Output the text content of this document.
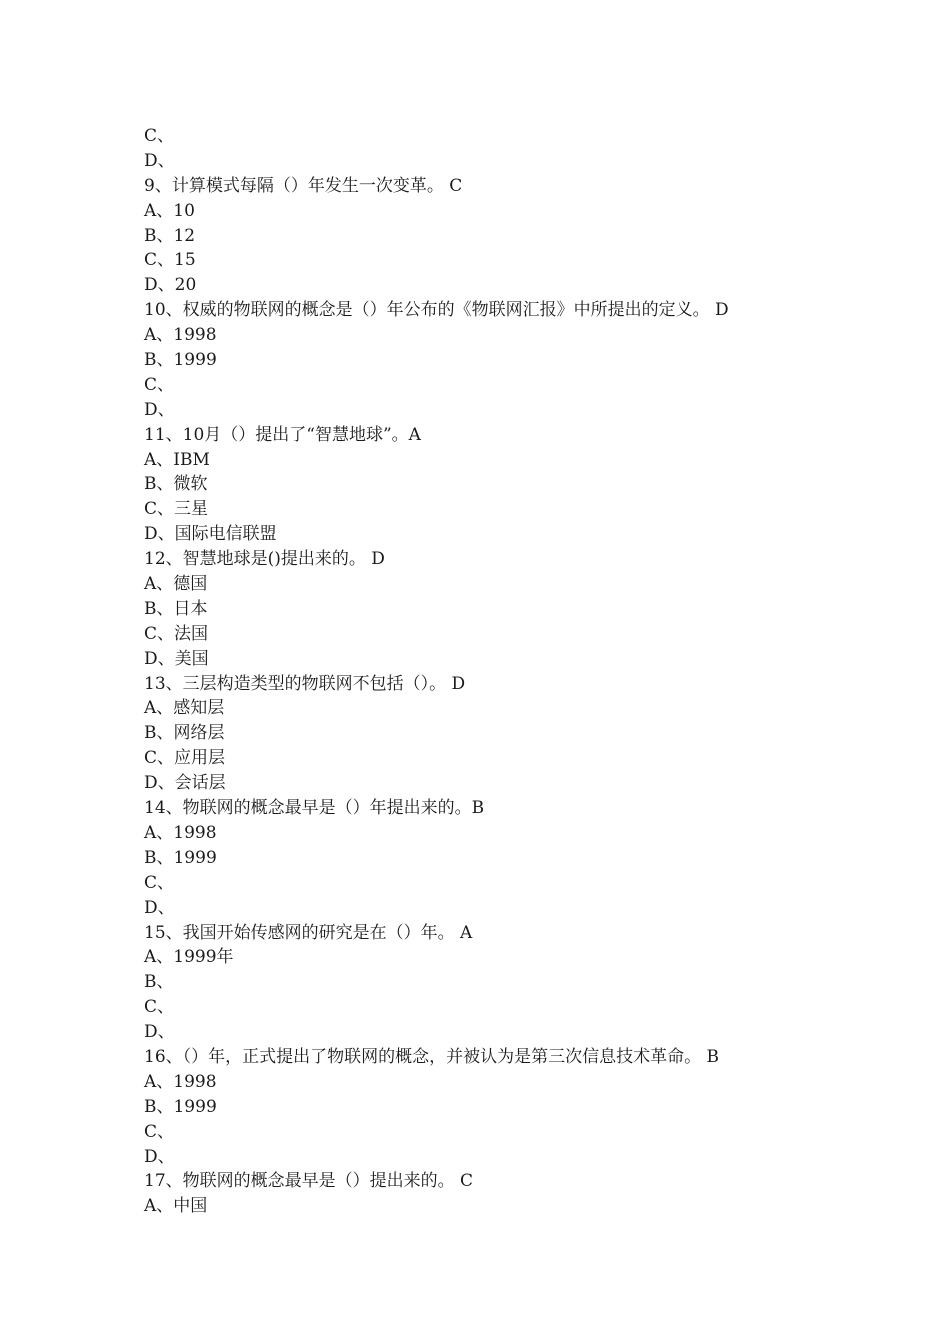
C、
D、
9、计算模式每隔（）年发生一次变革。 C
A、10
B、12
C、15
D、20
10、权威的物联网的概念是（）年公布的《物联网汇报》中所提出的定义。 D
A、1998
B、1999
C、
D、
11、10月（）提出了“智慧地球”。A
A、IBM
B、微软
C、三星
D、国际电信联盟
12、智慧地球是()提出来的。 D
A、德国
B、日本
C、法国
D、美国
13、三层构造类型的物联网不包括（）。 D
A、感知层
B、网络层
C、应用层
D、会话层
14、物联网的概念最早是（）年提出来的。B
A、1998
B、1999
C、
D、
15、我国开始传感网的研究是在（）年。 A
A、1999年
B、
C、
D、
16、（）年，正式提出了物联网的概念，并被认为是第三次信息技术革命。 B
A、1998
B、1999
C、
D、
17、物联网的概念最早是（）提出来的。 C
A、中国
